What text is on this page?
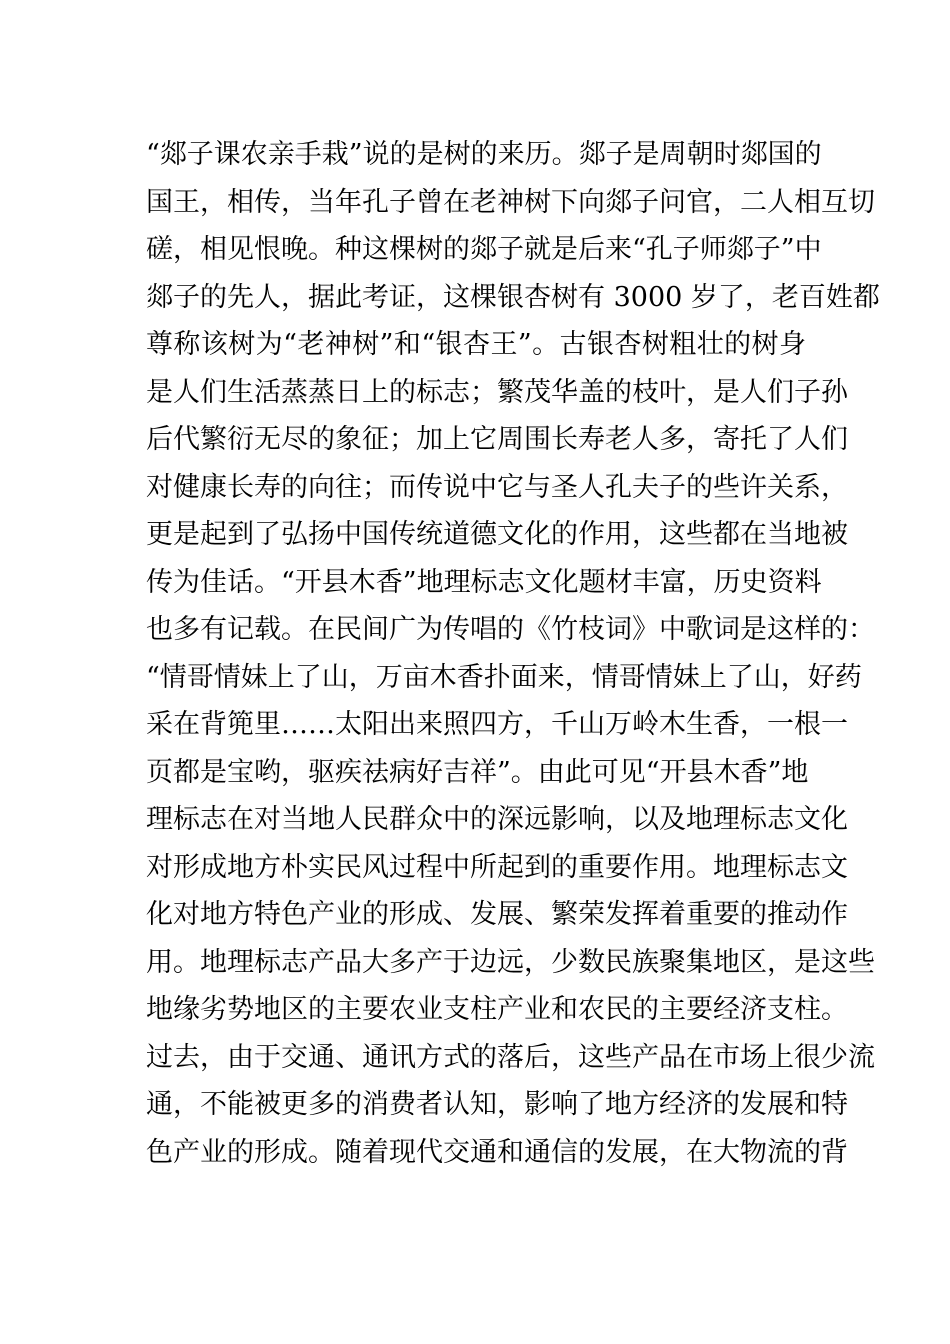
“郯子课农亲手栽”说的是树的来历。郯子是周朝时郯国的
国王，相传，当年孔子曾在老神树下向郯子问官，二人相互切
磋，相见恨晚。种这棵树的郯子就是后来“孔子师郯子”中
郯子的先人，据此考证，这棵银杏树有 3000 岁了，老百姓都
尊称该树为“老神树”和“银杏王”。古银杏树粗壮的树身
是人们生活蒸蒸日上的标志；繁茂华盖的枝叶，是人们子孙
后代繁衍无尽的象征；加上它周围长寿老人多，寄托了人们
对健康长寿的向往；而传说中它与圣人孔夫子的些许关系，
更是起到了弘扬中国传统道德文化的作用，这些都在当地被
传为佳话。“开县木香”地理标志文化题材丰富，历史资料
也多有记载。在民间广为传唱的《竹枝词》中歌词是这样的：
“情哥情妹上了山，万亩木香扑面来，情哥情妹上了山，好药
采在背篼里……太阳出来照四方，千山万岭木生香，一根一
页都是宝哟，驱疾祛病好吉祥”。由此可见“开县木香”地
理标志在对当地人民群众中的深远影响，以及地理标志文化
对形成地方朴实民风过程中所起到的重要作用。地理标志文
化对地方特色产业的形成、发展、繁荣发挥着重要的推动作
用。地理标志产品大多产于边远，少数民族聚集地区，是这些
地缘劣势地区的主要农业支柱产业和农民的主要经济支柱。
过去，由于交通、通讯方式的落后，这些产品在市场上很少流
通，不能被更多的消费者认知，影响了地方经济的发展和特
色产业的形成。随着现代交通和通信的发展，在大物流的背
